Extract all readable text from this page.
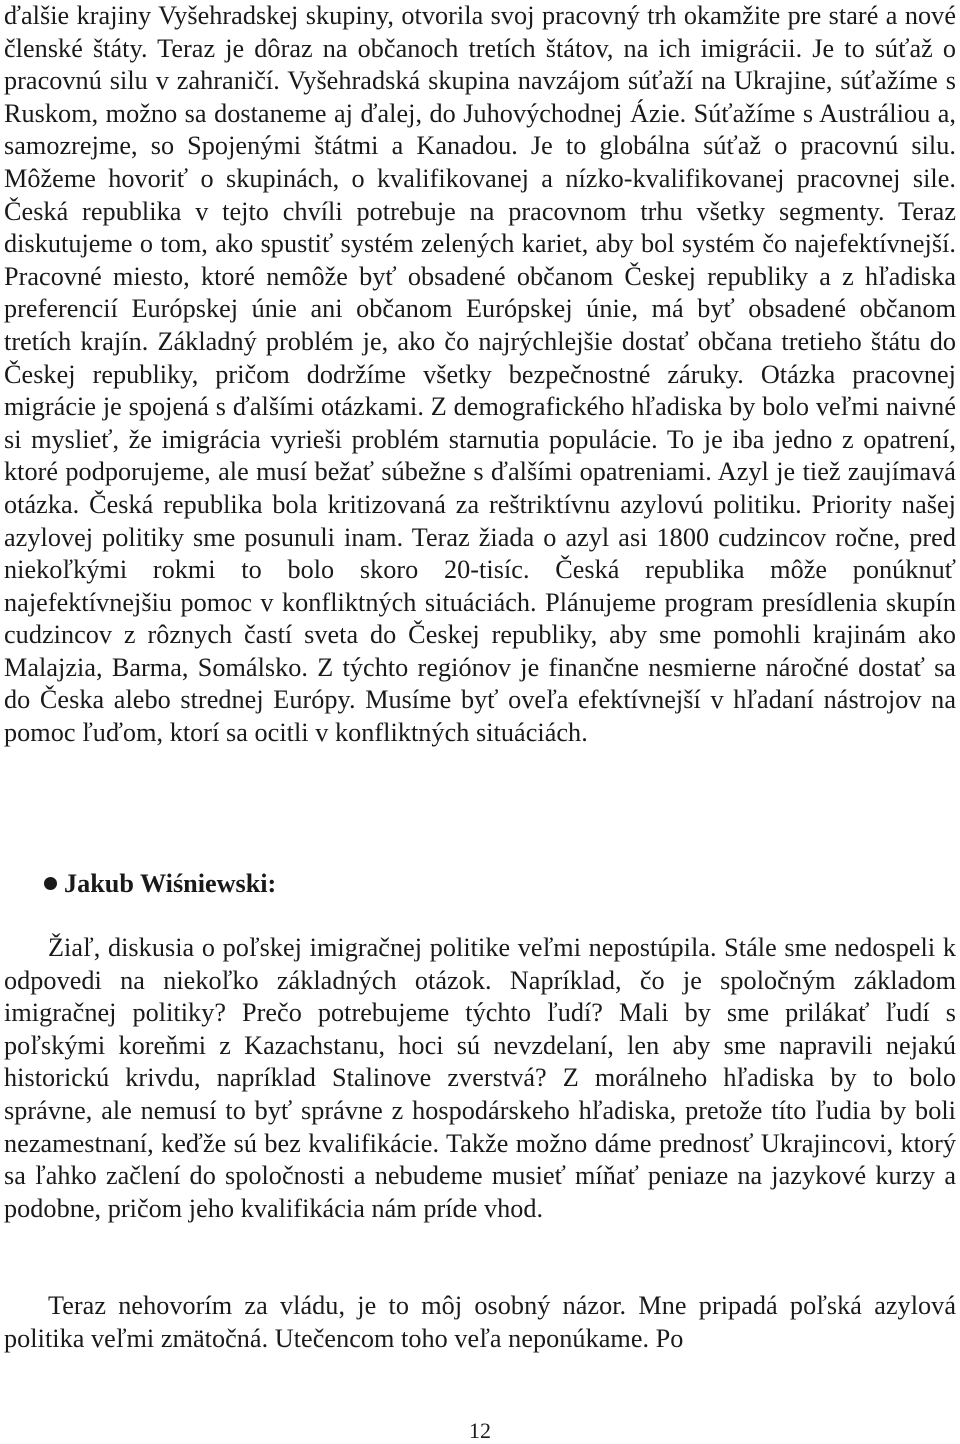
ďalšie krajiny Vyšehradskej skupiny, otvorila svoj pracovný trh okamžite pre staré a nové členské štáty. Teraz je dôraz na občanoch tretích štátov, na ich imigrácii. Je to súťaž o pracovnú silu v zahraničí. Vyšehradská skupina navzájom súťaží na Ukrajine, súťažíme s Ruskom, možno sa dostaneme aj ďalej, do Juhovýchodnej Ázie. Súťažíme s Austráliou a, samozrejme, so Spojenými štátmi a Kanadou. Je to globálna súťaž o pracovnú silu. Môžeme hovoriť o skupinách, o kvalifikovanej a nízko-kvalifikovanej pracovnej sile. Česká republika v tejto chvíli potrebuje na pracovnom trhu všetky segmenty. Teraz diskutujeme o tom, ako spustiť systém zelených kariet, aby bol systém čo najefektívnejší. Pracovné miesto, ktoré nemôže byť obsadené občanom Českej republiky a z hľadiska preferencií Európskej únie ani občanom Európskej únie, má byť obsadené občanom tretích krajín. Základný problém je, ako čo najrýchlejšie dostať občana tretieho štátu do Českej republiky, pričom dodržíme všetky bezpečnostné záruky. Otázka pracovnej migrácie je spojená s ďalšími otázkami. Z demografického hľadiska by bolo veľmi naivné si myslieť, že imigrácia vyrieši problém starnutia populácie. To je iba jedno z opatrení, ktoré podporujeme, ale musí bežať súbežne s ďalšími opatreniami. Azyl je tiež zaujímavá otázka. Česká republika bola kritizovaná za reštriktívnu azylovú politiku. Priority našej azylovej politiky sme posunuli inam. Teraz žiada o azyl asi 1800 cudzincov ročne, pred niekoľkými rokmi to bolo skoro 20-tisíc. Česká republika môže ponúknuť najefektívnejšiu pomoc v konfliktných situáciách. Plánujeme program presídlenia skupín cudzincov z rôznych častí sveta do Českej republiky, aby sme pomohli krajinám ako Malajzia, Barma, Somálsko. Z týchto regiónov je finančne nesmierne náročné dostať sa do Česka alebo strednej Európy. Musíme byť oveľa efektívnejší v hľadaní nástrojov na pomoc ľuďom, ktorí sa ocitli v konfliktných situáciách.

Jakub Wiśniewski:

Žiaľ, diskusia o poľskej imigračnej politike veľmi nepostúpila. Stále sme nedospeli k odpovedi na niekoľko základných otázok. Napríklad, čo je spoločným základom imigračnej politiky? Prečo potrebujeme týchto ľudí? Mali by sme prilákať ľudí s poľskými koreňmi z Kazachstanu, hoci sú nevzdelaní, len aby sme napravili nejakú historickú krivdu, napríklad Stalinove zverstvá? Z morálneho hľadiska by to bolo správne, ale nemusí to byť správne z hospodárskeho hľadiska, pretože títo ľudia by boli nezamestnaní, keďže sú bez kvalifikácie. Takže možno dáme prednosť Ukrajincovi, ktorý sa ľahko začlení do spoločnosti a nebudeme musieť míňať peniaze na jazykové kurzy a podobne, pričom jeho kvalifikácia nám príde vhod.

Teraz nehovorím za vládu, je to môj osobný názor. Mne pripadá poľská azylová politika veľmi zmätočná. Utečencom toho veľa neponúkame. Po

12
